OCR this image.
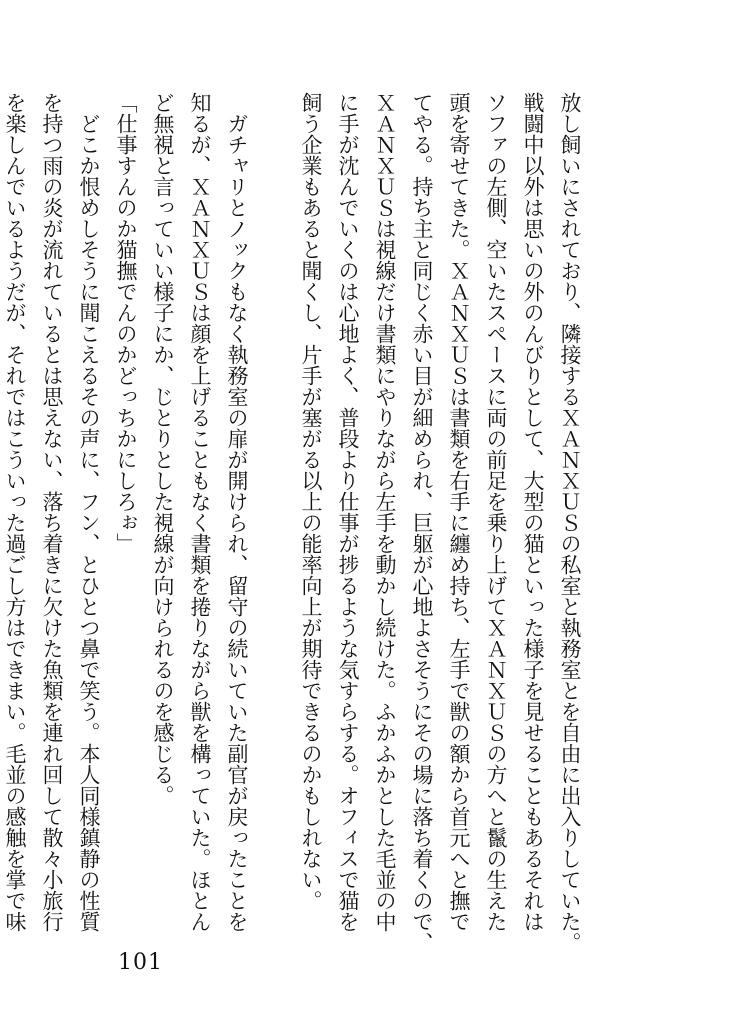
放し飼いにされており、隣接するＸＡＮＸＵＳの私室と執務室とを自由に出入りしていた。
戦闘中以外は思いの外のんびりとして、大型の猫といった様子を見せることもあるそれは
ソファの左側、空いたスペースに両の前足を乗り上げてＸＡＮＸＵＳの方へと鬣の生えた
頭を寄せてきた。ＸＡＮＸＵＳは書類を右手に纏め持ち、左手で獣の額から首元へと撫で
てやる。持ち主と同じく赤い目が細められ、巨躯が心地よさそうにその場に落ち着くので、
ＸＡＮＸＵＳは視線だけ書類にやりながら左手を動かし続けた。ふかふかとした毛並の中
に手が沈んでいくのは心地よく、普段より仕事が捗るような気すらする。オフィスで猫を
飼う企業もあると聞くし、片手が塞がる以上の能率向上が期待できるのかもしれない。
　ガチャリとノックもなく執務室の扉が開けられ、留守の続いていた副官が戻ったことを
知るが、ＸＡＮＸＵＳは顔を上げることもなく書類を捲りながら獣を構っていた。ほとん
ど無視と言っていい様子にか、じとりとした視線が向けられるのを感じる。
「仕事すんのか猫撫でんのかどっちかにしろぉ」
　どこか恨めしそうに聞こえるその声に、フン、とひとつ鼻で笑う。本人同様鎮静の性質
を持つ雨の炎が流れているとは思えない、落ち着きに欠けた魚類を連れ回して散々小旅行
を楽しんでいるようだが、それではこういった過ごし方はできまい。毛並の感触を掌で味
101
